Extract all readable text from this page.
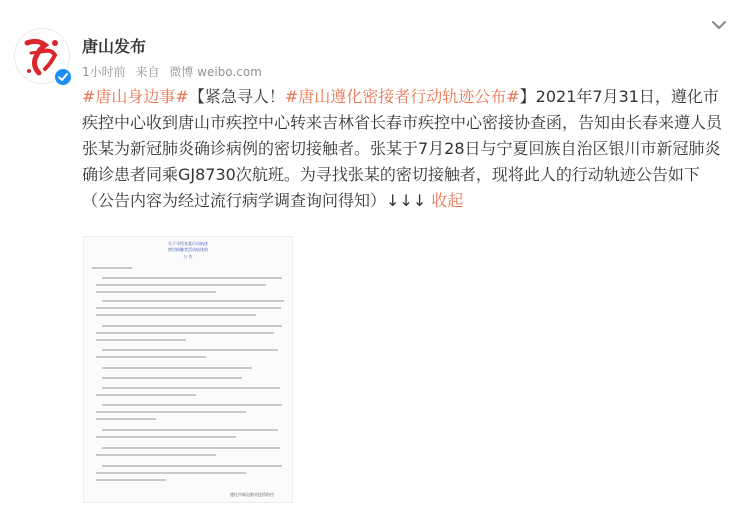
唐山发布
1小时前 来自 微博 weibo.com
#唐山身边事#【紧急寻人！#唐山遵化密接者行动轨迹公布#】2021年7月31日，遵化市疾控中心收到唐山市疾控中心转来吉林省长春市疾控中心密接协查函，告知由长春来遵人员张某为新冠肺炎确诊病例的密切接触者。张某于7月28日与宁夏回族自治区银川市新冠肺炎确诊患者同乘GJ8730次航班。为寻找张某的密切接触者，现将此人的行动轨迹公告如下（公告内容为经过流行病学调查询问得知）↓↓↓ 收起
关于寻找张某行动轨迹
密切接触者活动轨迹的
公 告
遵化市新冠肺炎疫情防控
